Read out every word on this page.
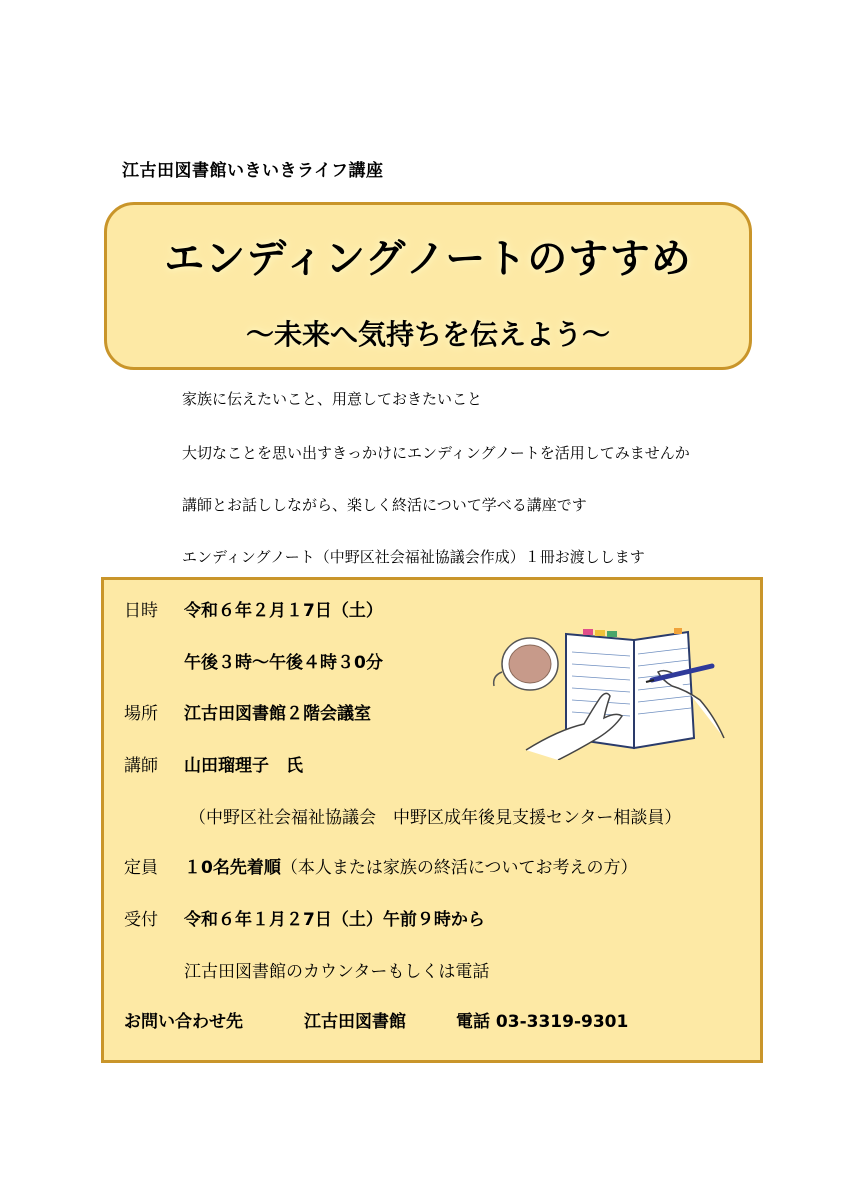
江古田図書館いきいきライフ講座
エンディングノートのすすめ
～未来へ気持ちを伝えよう～
家族に伝えたいこと、用意しておきたいこと
大切なことを思い出すきっかけにエンディングノートを活用してみませんか
講師とお話ししながら、楽しく終活について学べる講座です
エンディングノート（中野区社会福祉協議会作成）１冊お渡しします
日時 令和６年２月１7日（土）
午後３時～午後４時３0分
場所 江古田図書館２階会議室
講師 山田瑠理子　氏
（中野区社会福祉協議会　中野区成年後見支援センター相談員）
定員 １0名先着順（本人または家族の終活についてお考えの方）
受付 令和６年１月２7日（土）午前９時から
江古田図書館のカウンターもしくは電話
お問い合わせ先	江古田図書館	電話 03-3319-9301
